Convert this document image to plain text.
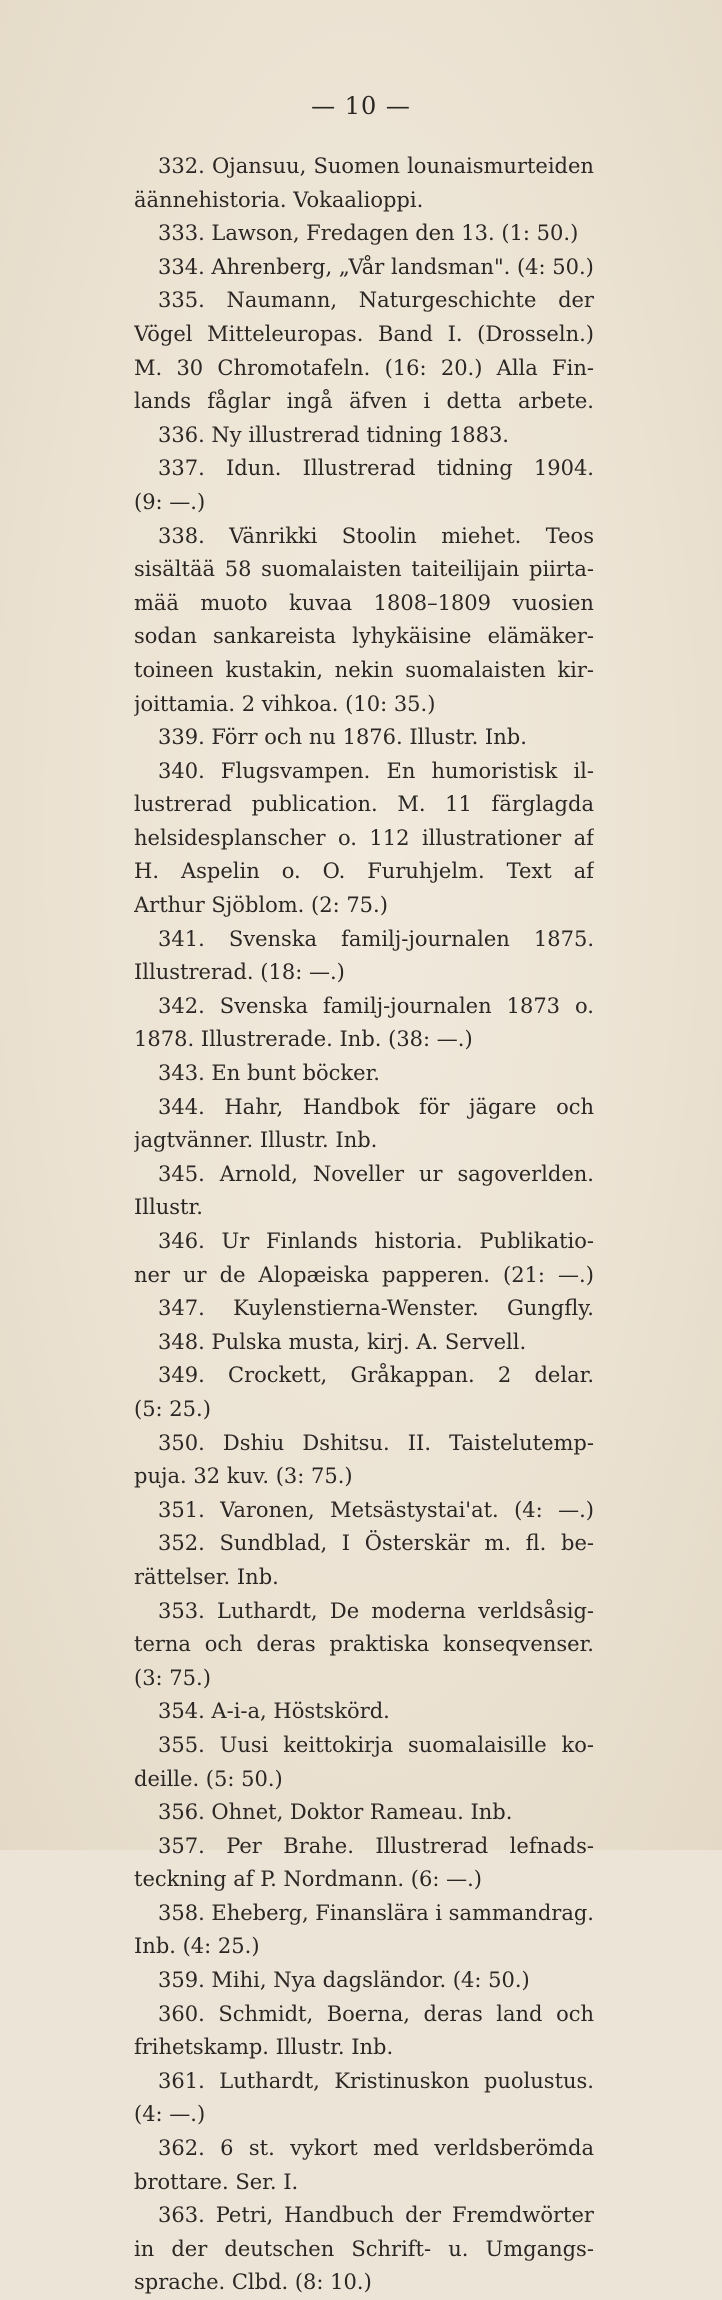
— 10 —
332. Ojansuu, Suomen lounaismurteiden
äännehistoria. Vokaalioppi.
333. Lawson, Fredagen den 13. (1: 50.)
334. Ahrenberg, „Vår landsman". (4: 50.)
335. Naumann, Naturgeschichte der
Vögel Mitteleuropas. Band I. (Drosseln.)
M. 30 Chromotafeln. (16: 20.) Alla Fin-
lands fåglar ingå äfven i detta arbete.
336. Ny illustrerad tidning 1883.
337. Idun. Illustrerad tidning 1904.
(9: —.)
338. Vänrikki Stoolin miehet. Teos
sisältää 58 suomalaisten taiteilijain piirta-
mää muoto kuvaa 1808–1809 vuosien
sodan sankareista lyhykäisine elämäker-
toineen kustakin, nekin suomalaisten kir-
joittamia. 2 vihkoa. (10: 35.)
339. Förr och nu 1876. Illustr. Inb.
340. Flugsvampen. En humoristisk il-
lustrerad publication. M. 11 färglagda
helsidesplanscher o. 112 illustrationer af
H. Aspelin o. O. Furuhjelm. Text af
Arthur Sjöblom. (2: 75.)
341. Svenska familj-journalen 1875.
Illustrerad. (18: —.)
342. Svenska familj-journalen 1873 o.
1878. Illustrerade. Inb. (38: —.)
343. En bunt böcker.
344. Hahr, Handbok för jägare och
jagtvänner. Illustr. Inb.
345. Arnold, Noveller ur sagoverlden.
Illustr.
346. Ur Finlands historia. Publikatio-
ner ur de Alopæiska papperen. (21: —.)
347. Kuylenstierna-Wenster. Gungfly.
348. Pulska musta, kirj. A. Servell.
349. Crockett, Gråkappan. 2 delar.
(5: 25.)
350. Dshiu Dshitsu. II. Taistelutemp-
puja. 32 kuv. (3: 75.)
351. Varonen, Metsästystai'at. (4: —.)
352. Sundblad, I Österskär m. fl. be-
rättelser. Inb.
353. Luthardt, De moderna verldsåsig-
terna och deras praktiska konseqvenser.
(3: 75.)
354. A-i-a, Höstskörd.
355. Uusi keittokirja suomalaisille ko-
deille. (5: 50.)
356. Ohnet, Doktor Rameau. Inb.
357. Per Brahe. Illustrerad lefnads-
teckning af P. Nordmann. (6: —.)
358. Eheberg, Finanslära i sammandrag.
Inb. (4: 25.)
359. Mihi, Nya dagsländor. (4: 50.)
360. Schmidt, Boerna, deras land och
frihetskamp. Illustr. Inb.
361. Luthardt, Kristinuskon puolustus.
(4: —.)
362. 6 st. vykort med verldsberömda
brottare. Ser. I.
363. Petri, Handbuch der Fremdwörter
in der deutschen Schrift- u. Umgangs-
sprache. Clbd. (8: 10.)
